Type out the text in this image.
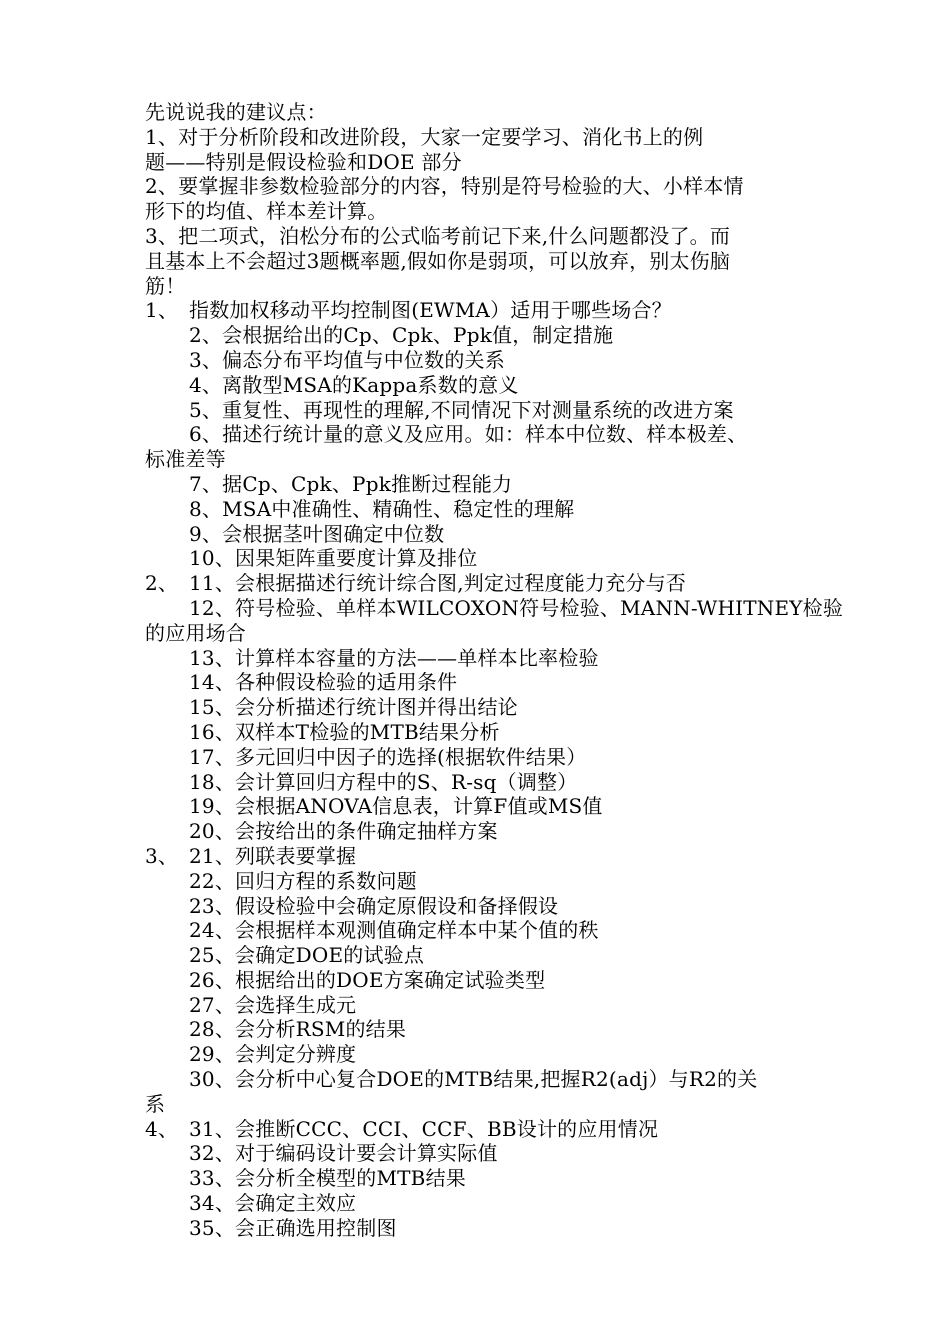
先说说我的建议点：
1、对于分析阶段和改进阶段，大家一定要学习、消化书上的例
题——特别是假设检验和DOE 部分
2、要掌握非参数检验部分的内容，特别是符号检验的大、小样本情
形下的均值、样本差计算。
3、把二项式，泊松分布的公式临考前记下来,什么问题都没了。而
且基本上不会超过3题概率题,假如你是弱项，可以放弃，别太伤脑
筋！
1、 指数加权移动平均控制图(EWMA）适用于哪些场合？
2、会根据给出的Cp、Cpk、Ppk值，制定措施
3、偏态分布平均值与中位数的关系
4、离散型MSA的Kappa系数的意义
5、重复性、再现性的理解,不同情况下对测量系统的改进方案
6、描述行统计量的意义及应用。如：样本中位数、样本极差、
标准差等
7、据Cp、Cpk、Ppk推断过程能力
8、MSA中准确性、精确性、稳定性的理解
9、会根据茎叶图确定中位数
10、因果矩阵重要度计算及排位
2、 11、会根据描述行统计综合图,判定过程度能力充分与否
12、符号检验、单样本WILCOXON符号检验、MANN-WHITNEY检验
的应用场合
13、计算样本容量的方法——单样本比率检验
14、各种假设检验的适用条件
15、会分析描述行统计图并得出结论
16、双样本T检验的MTB结果分析
17、多元回归中因子的选择(根据软件结果）
18、会计算回归方程中的S、R-sq（调整）
19、会根据ANOVA信息表，计算F值或MS值
20、会按给出的条件确定抽样方案
3、 21、列联表要掌握
22、回归方程的系数问题
23、假设检验中会确定原假设和备择假设
24、会根据样本观测值确定样本中某个值的秩
25、会确定DOE的试验点
26、根据给出的DOE方案确定试验类型
27、会选择生成元
28、会分析RSM的结果
29、会判定分辨度
30、会分析中心复合DOE的MTB结果,把握R2(adj）与R2的关
系
4、 31、会推断CCC、CCI、CCF、BB设计的应用情况
32、对于编码设计要会计算实际值
33、会分析全模型的MTB结果
34、会确定主效应
35、会正确选用控制图
